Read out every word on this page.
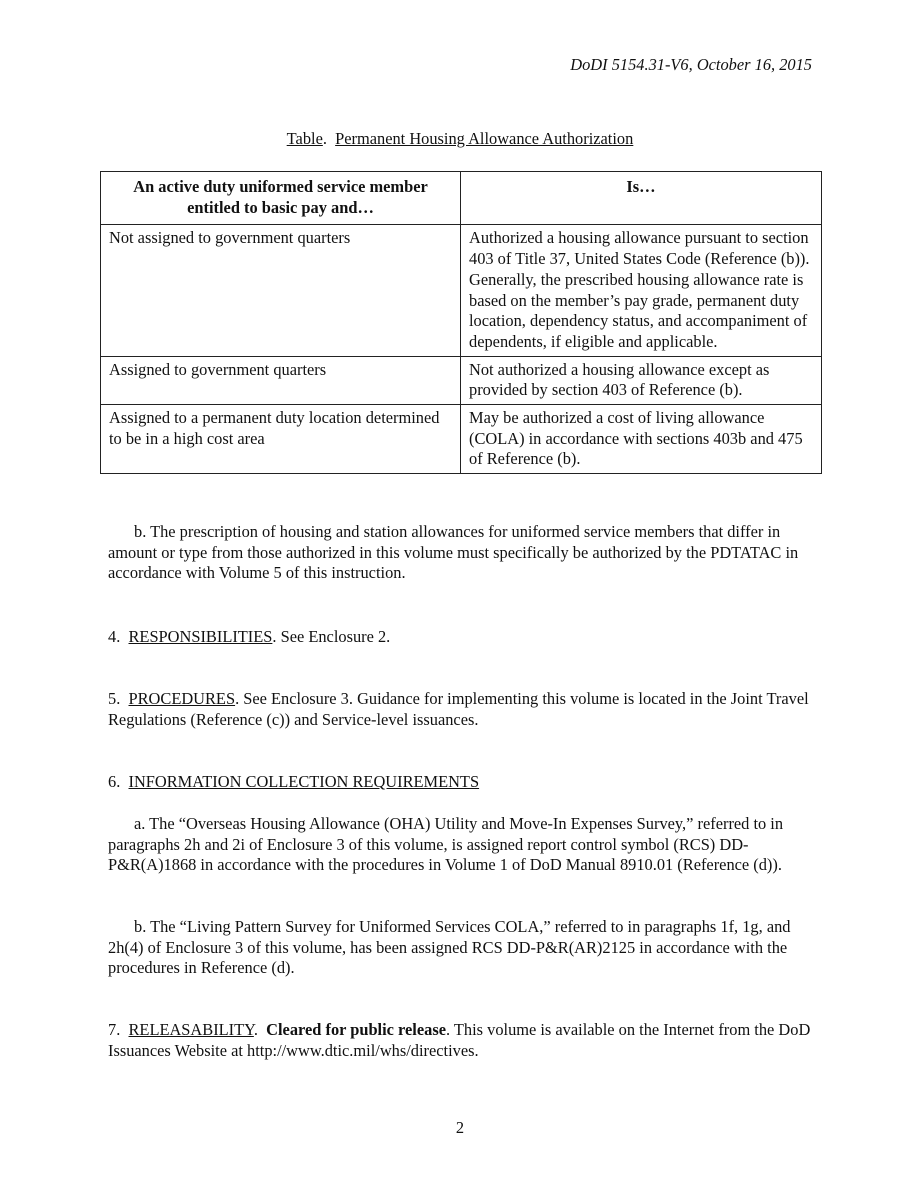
DoDI 5154.31-V6, October 16, 2015
Table.  Permanent Housing Allowance Authorization
An active duty uniformed service member entitled to basic pay and…	Is…
Not assigned to government quarters	Authorized a housing allowance pursuant to section 403 of Title 37, United States Code (Reference (b)). Generally, the prescribed housing allowance rate is based on the member’s pay grade, permanent duty location, dependency status, and accompaniment of dependents, if eligible and applicable.
Assigned to government quarters	Not authorized a housing allowance except as provided by section 403 of Reference (b).
Assigned to a permanent duty location determined to be in a high cost area	May be authorized a cost of living allowance (COLA) in accordance with sections 403b and 475 of Reference (b).
b. The prescription of housing and station allowances for uniformed service members that differ in amount or type from those authorized in this volume must specifically be authorized by the PDTATAC in accordance with Volume 5 of this instruction.
4.  RESPONSIBILITIES. See Enclosure 2.
5.  PROCEDURES. See Enclosure 3. Guidance for implementing this volume is located in the Joint Travel Regulations (Reference (c)) and Service-level issuances.
6.  INFORMATION COLLECTION REQUIREMENTS
a. The “Overseas Housing Allowance (OHA) Utility and Move-In Expenses Survey,” referred to in paragraphs 2h and 2i of Enclosure 3 of this volume, is assigned report control symbol (RCS) DD-P&R(A)1868 in accordance with the procedures in Volume 1 of DoD Manual 8910.01 (Reference (d)).
b. The “Living Pattern Survey for Uniformed Services COLA,” referred to in paragraphs 1f, 1g, and 2h(4) of Enclosure 3 of this volume, has been assigned RCS DD-P&R(AR)2125 in accordance with the procedures in Reference (d).
7.  RELEASABILITY.  Cleared for public release. This volume is available on the Internet from the DoD Issuances Website at http://www.dtic.mil/whs/directives.
2
